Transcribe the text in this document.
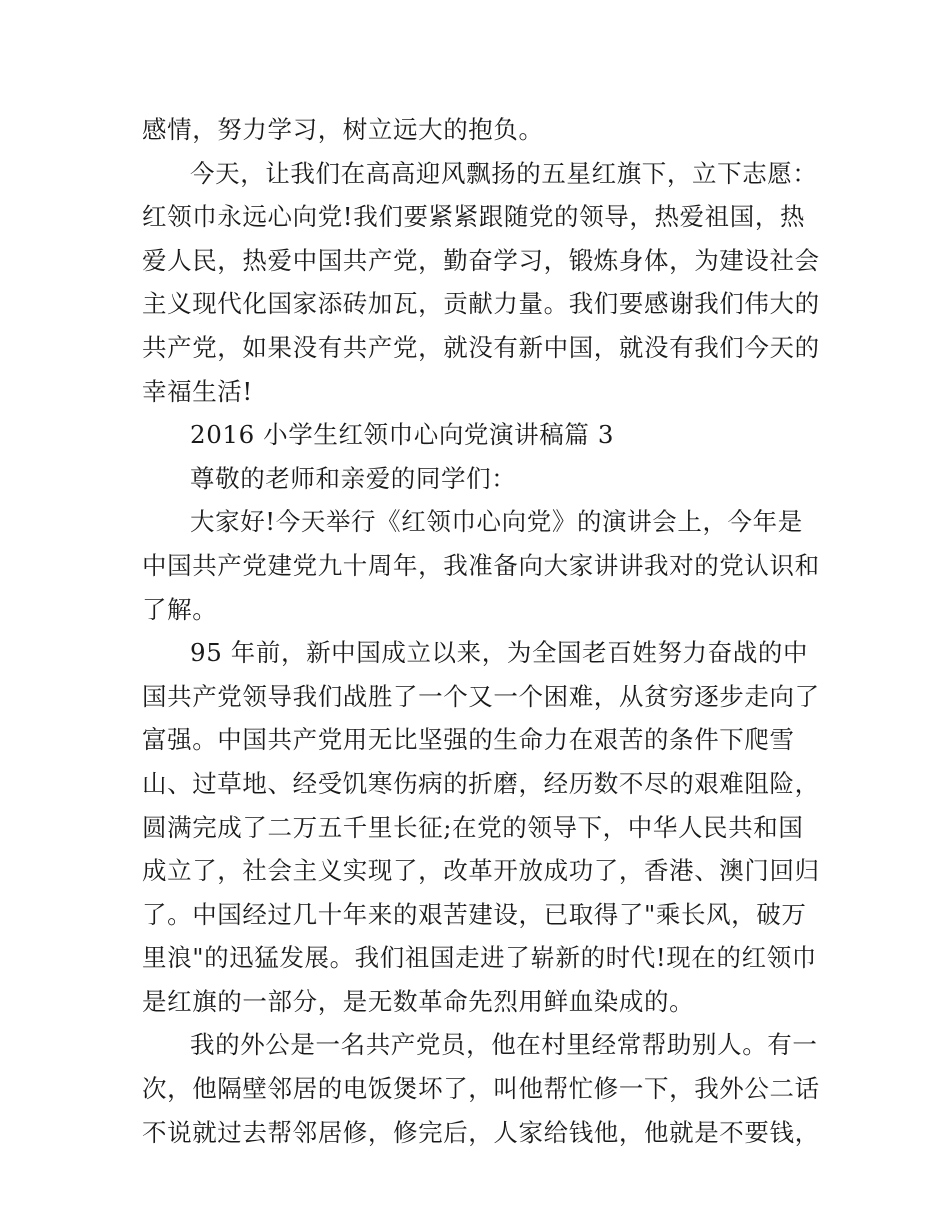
感情，努力学习，树立远大的抱负。
今天，让我们在高高迎风飘扬的五星红旗下，立下志愿：
红领巾永远心向党!我们要紧紧跟随党的领导，热爱祖国，热
爱人民，热爱中国共产党，勤奋学习，锻炼身体，为建设社会
主义现代化国家添砖加瓦，贡献力量。我们要感谢我们伟大的
共产党，如果没有共产党，就没有新中国，就没有我们今天的
幸福生活!
2016 小学生红领巾心向党演讲稿篇 3
尊敬的老师和亲爱的同学们：
大家好!今天举行《红领巾心向党》的演讲会上，今年是
中国共产党建党九十周年，我准备向大家讲讲我对的党认识和
了解。
95 年前，新中国成立以来，为全国老百姓努力奋战的中
国共产党领导我们战胜了一个又一个困难，从贫穷逐步走向了
富强。中国共产党用无比坚强的生命力在艰苦的条件下爬雪
山、过草地、经受饥寒伤病的折磨，经历数不尽的艰难阻险，
圆满完成了二万五千里长征;在党的领导下，中华人民共和国
成立了，社会主义实现了，改革开放成功了，香港、澳门回归
了。中国经过几十年来的艰苦建设，已取得了"乘长风，破万
里浪"的迅猛发展。我们祖国走进了崭新的时代!现在的红领巾
是红旗的一部分，是无数革命先烈用鲜血染成的。
我的外公是一名共产党员，他在村里经常帮助别人。有一
次，他隔壁邻居的电饭煲坏了，叫他帮忙修一下，我外公二话
不说就过去帮邻居修，修完后，人家给钱他，他就是不要钱，
